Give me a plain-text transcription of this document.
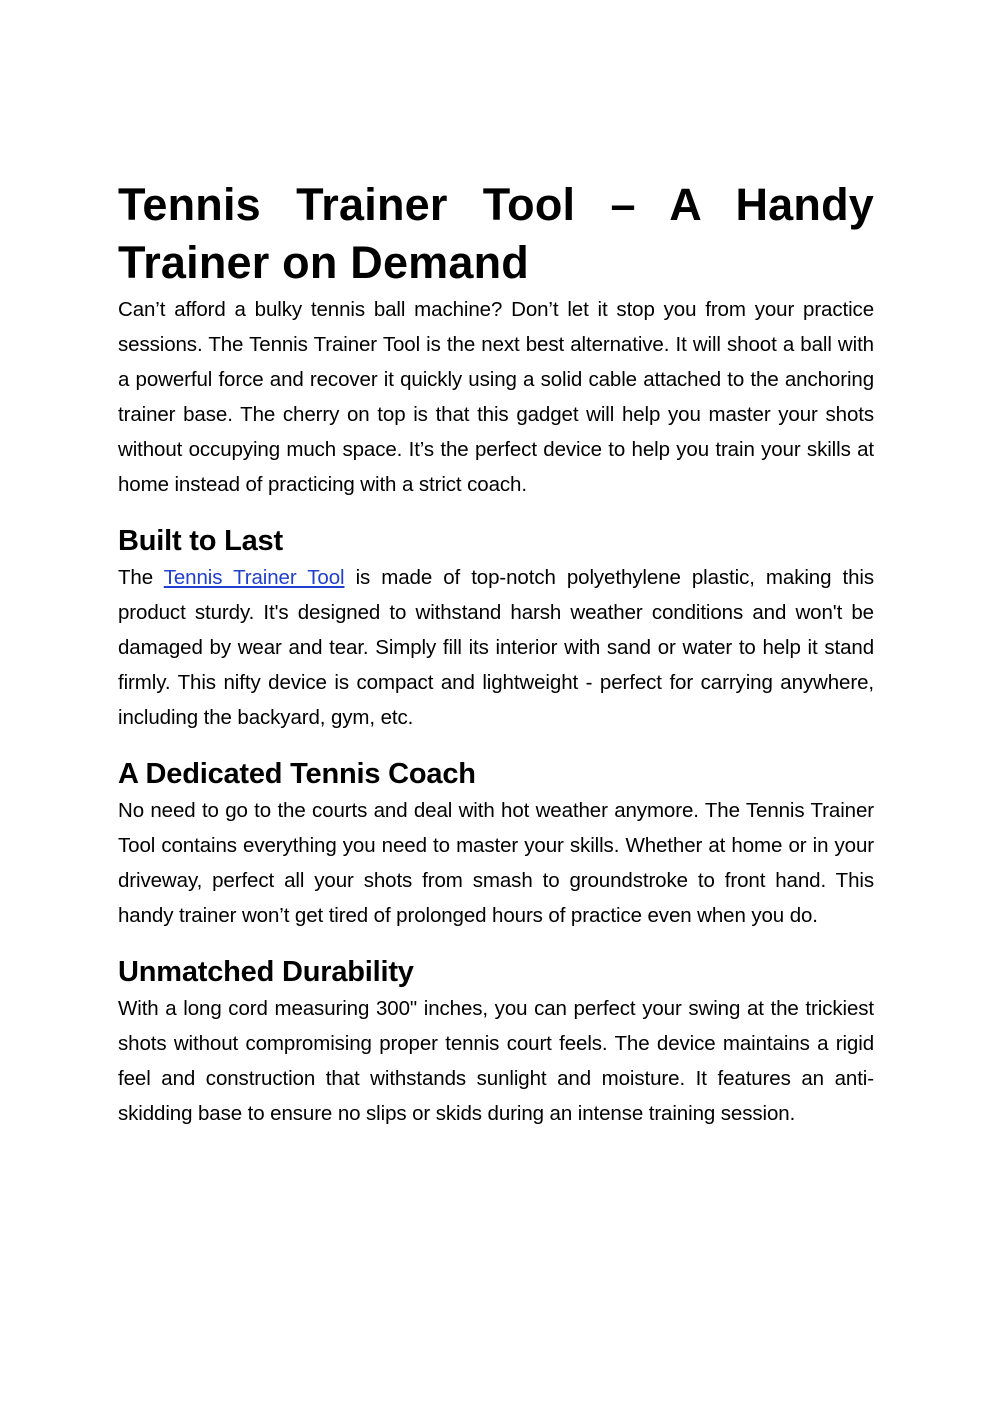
Tennis Trainer Tool – A Handy Trainer on Demand

Can’t afford a bulky tennis ball machine? Don’t let it stop you from your practice sessions. The Tennis Trainer Tool is the next best alternative. It will shoot a ball with a powerful force and recover it quickly using a solid cable attached to the anchoring trainer base. The cherry on top is that this gadget will help you master your shots without occupying much space. It’s the perfect device to help you train your skills at home instead of practicing with a strict coach.

Built to Last

The Tennis Trainer Tool is made of top-notch polyethylene plastic, making this product sturdy. It's designed to withstand harsh weather conditions and won't be damaged by wear and tear. Simply fill its interior with sand or water to help it stand firmly. This nifty device is compact and lightweight - perfect for carrying anywhere, including the backyard, gym, etc.

A Dedicated Tennis Coach

No need to go to the courts and deal with hot weather anymore. The Tennis Trainer Tool contains everything you need to master your skills. Whether at home or in your driveway, perfect all your shots from smash to groundstroke to front hand. This handy trainer won’t get tired of prolonged hours of practice even when you do.

Unmatched Durability

With a long cord measuring 300" inches, you can perfect your swing at the trickiest shots without compromising proper tennis court feels. The device maintains a rigid feel and construction that withstands sunlight and moisture. It features an anti-skidding base to ensure no slips or skids during an intense training session.
